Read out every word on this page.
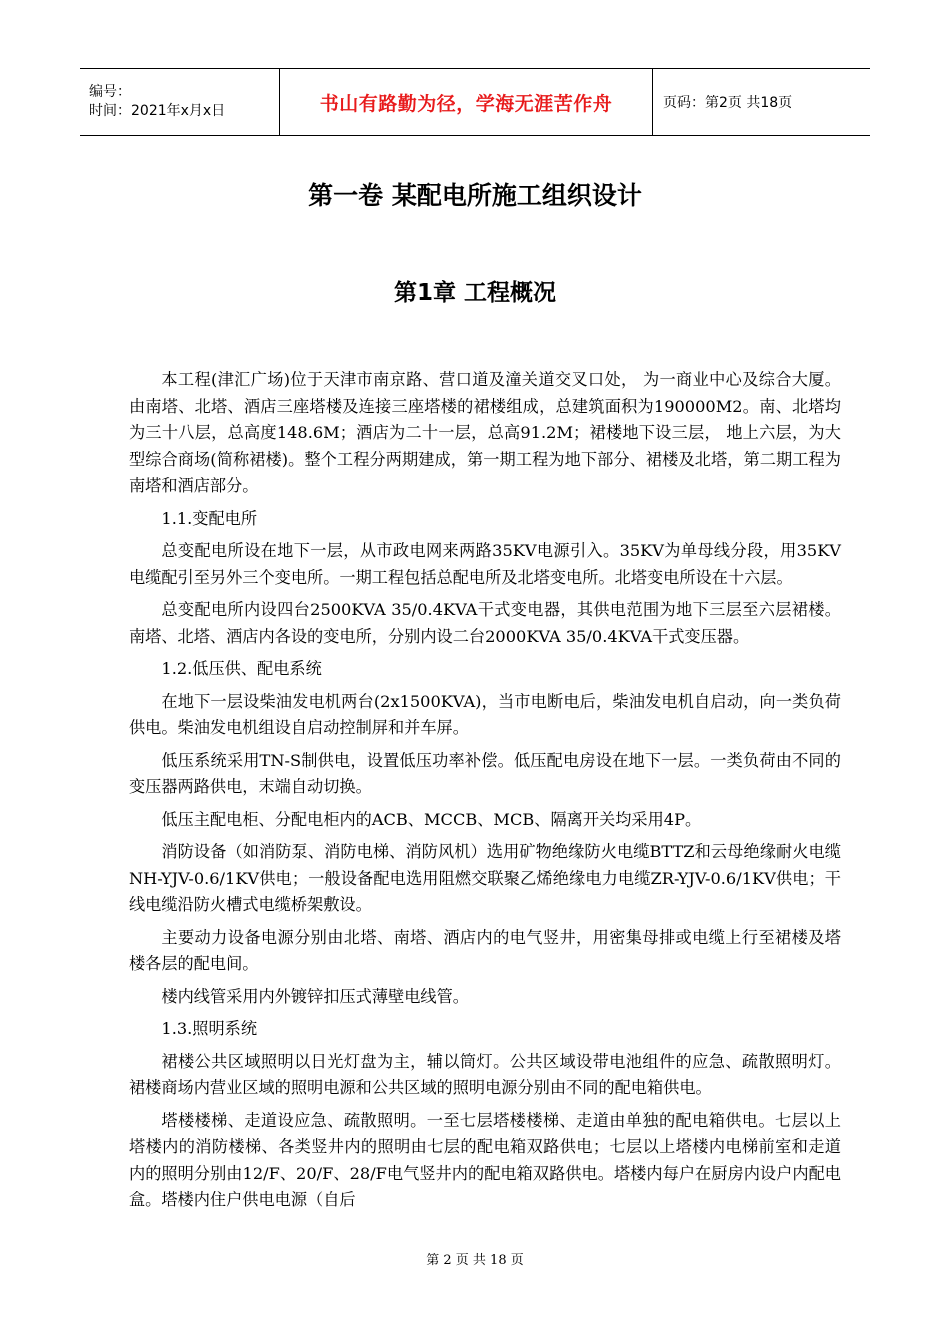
编号：
时间：2021年x月x日	书山有路勤为径，学海无涯苦作舟	页码：第2页 共18页
第一卷 某配电所施工组织设计
第1章 工程概况

本工程(津汇广场)位于天津市南京路、营口道及潼关道交叉口处， 为一商业中心及综合大厦。由南塔、北塔、酒店三座塔楼及连接三座塔楼的裙楼组成，总建筑面积为190000M2。南、北塔均为三十八层，总高度148.6M；酒店为二十一层，总高91.2M；裙楼地下设三层， 地上六层，为大型综合商场(简称裙楼)。整个工程分两期建成，第一期工程为地下部分、裙楼及北塔，第二期工程为南塔和酒店部分。

1.1.变配电所

总变配电所设在地下一层，从市政电网来两路35KV电源引入。35KV为单母线分段，用35KV电缆配引至另外三个变电所。一期工程包括总配电所及北塔变电所。北塔变电所设在十六层。

总变配电所内设四台2500KVA 35/0.4KVA干式变电器，其供电范围为地下三层至六层裙楼。南塔、北塔、酒店内各设的变电所，分别内设二台2000KVA 35/0.4KVA干式变压器。

1.2.低压供、配电系统

在地下一层设柴油发电机两台(2x1500KVA)，当市电断电后，柴油发电机自启动，向一类负荷供电。柴油发电机组设自启动控制屏和并车屏。

低压系统采用TN-S制供电，设置低压功率补偿。低压配电房设在地下一层。一类负荷由不同的变压器两路供电，末端自动切换。

低压主配电柜、分配电柜内的ACB、MCCB、MCB、隔离开关均采用4P。

消防设备（如消防泵、消防电梯、消防风机）选用矿物绝缘防火电缆BTTZ和云母绝缘耐火电缆NH-YJV-0.6/1KV供电；一般设备配电选用阻燃交联聚乙烯绝缘电力电缆ZR-YJV-0.6/1KV供电；干线电缆沿防火槽式电缆桥架敷设。

主要动力设备电源分别由北塔、南塔、酒店内的电气竖井，用密集母排或电缆上行至裙楼及塔楼各层的配电间。

楼内线管采用内外镀锌扣压式薄壁电线管。

1.3.照明系统

裙楼公共区域照明以日光灯盘为主，辅以筒灯。公共区域设带电池组件的应急、疏散照明灯。裙楼商场内营业区域的照明电源和公共区域的照明电源分别由不同的配电箱供电。

塔楼楼梯、走道设应急、疏散照明。一至七层塔楼楼梯、走道由单独的配电箱供电。七层以上塔楼内的消防楼梯、各类竖井内的照明由七层的配电箱双路供电；七层以上塔楼内电梯前室和走道内的照明分别由12/F、20/F、28/F电气竖井内的配电箱双路供电。塔楼内每户在厨房内设户内配电盒。塔楼内住户供电电源（自后

第 2 页 共 18 页
